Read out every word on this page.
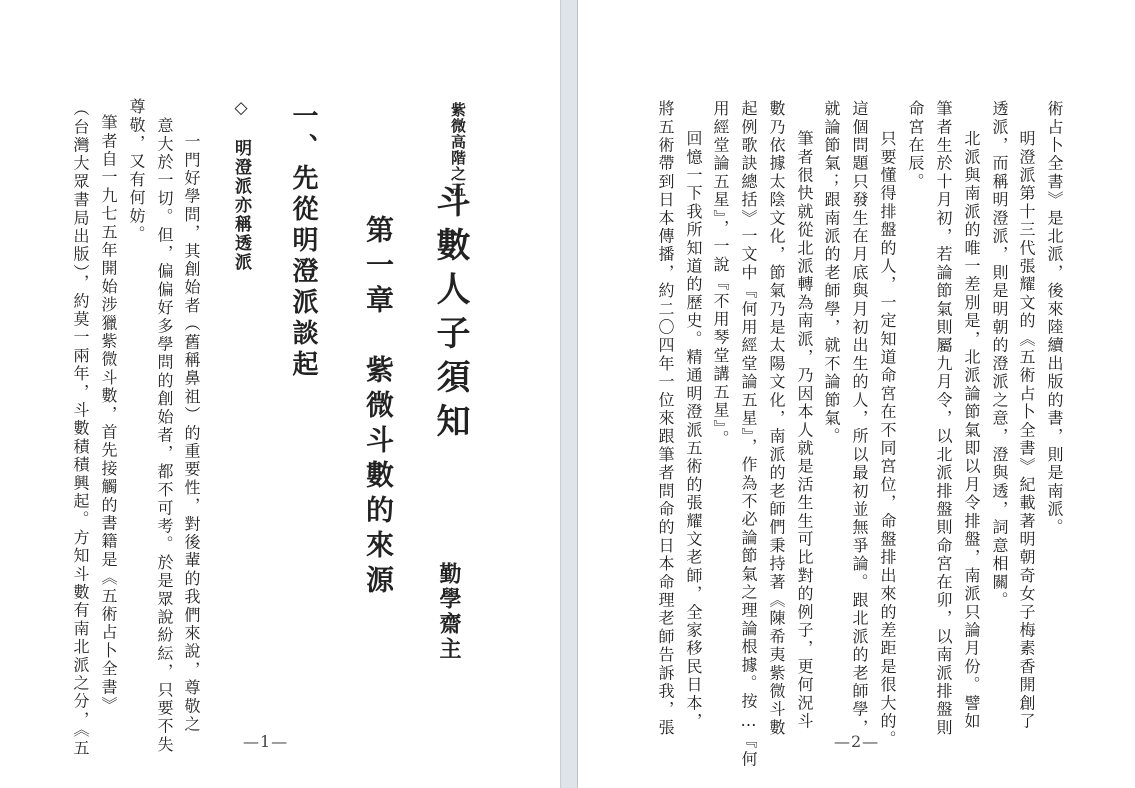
紫微高階之五
斗數人子須知
勤學齋主
第一章　紫微斗數的來源
一、先從明澄派談起
◇　明澄派亦稱透派
一門好學問，其創始者（舊稱鼻祖）的重要性，對後輩的我們來說，尊敬之
意大於一切。但，偏偏好多學問的創始者，都不可考。於是眾說紛紜，只要不失
尊敬，又有何妨。
筆者自一九七五年開始涉獵紫微斗數，首先接觸的書籍是《五術占卜全書》
（台灣大眾書局出版），約莫一兩年，斗數積積興起。方知斗數有南北派之分，《五	—1—
術占卜全書》是北派，後來陸續出版的書，則是南派。
明澄派第十三代張耀文的《五術占卜全書》紀載著明朝奇女子梅素香開創了
透派，而稱明澄派，則是明朝的澄派之意，澄與透，詞意相關。
北派與南派的唯一差別是，北派論節氣即以月令排盤，南派只論月份。譬如
筆者生於十月初，若論節氣則屬九月令，以北派排盤則命宮在卯，以南派排盤則
命宮在辰。
只要懂得排盤的人，一定知道命宮在不同宮位，命盤排出來的差距是很大的。
這個問題只發生在月底與月初出生的人，所以最初並無爭論。跟北派的老師學，
就論節氣；跟南派的老師學，就不論節氣。
筆者很快就從北派轉為南派，乃因本人就是活生生可比對的例子，更何況斗
數乃依據太陰文化，節氣乃是太陽文化，南派的老師們秉持著《陳希夷紫微斗數
起例歌訣總括》一文中『何用經堂論五星』，作為不必論節氣之理論根據。按…『何
用經堂論五星』，一說『不用琴堂講五星』。
回憶一下我所知道的歷史。精通明澄派五術的張耀文老師，全家移民日本，
將五術帶到日本傳播，約二〇四年一位來跟筆者問命的日本命理老師告訴我，張
—2—
